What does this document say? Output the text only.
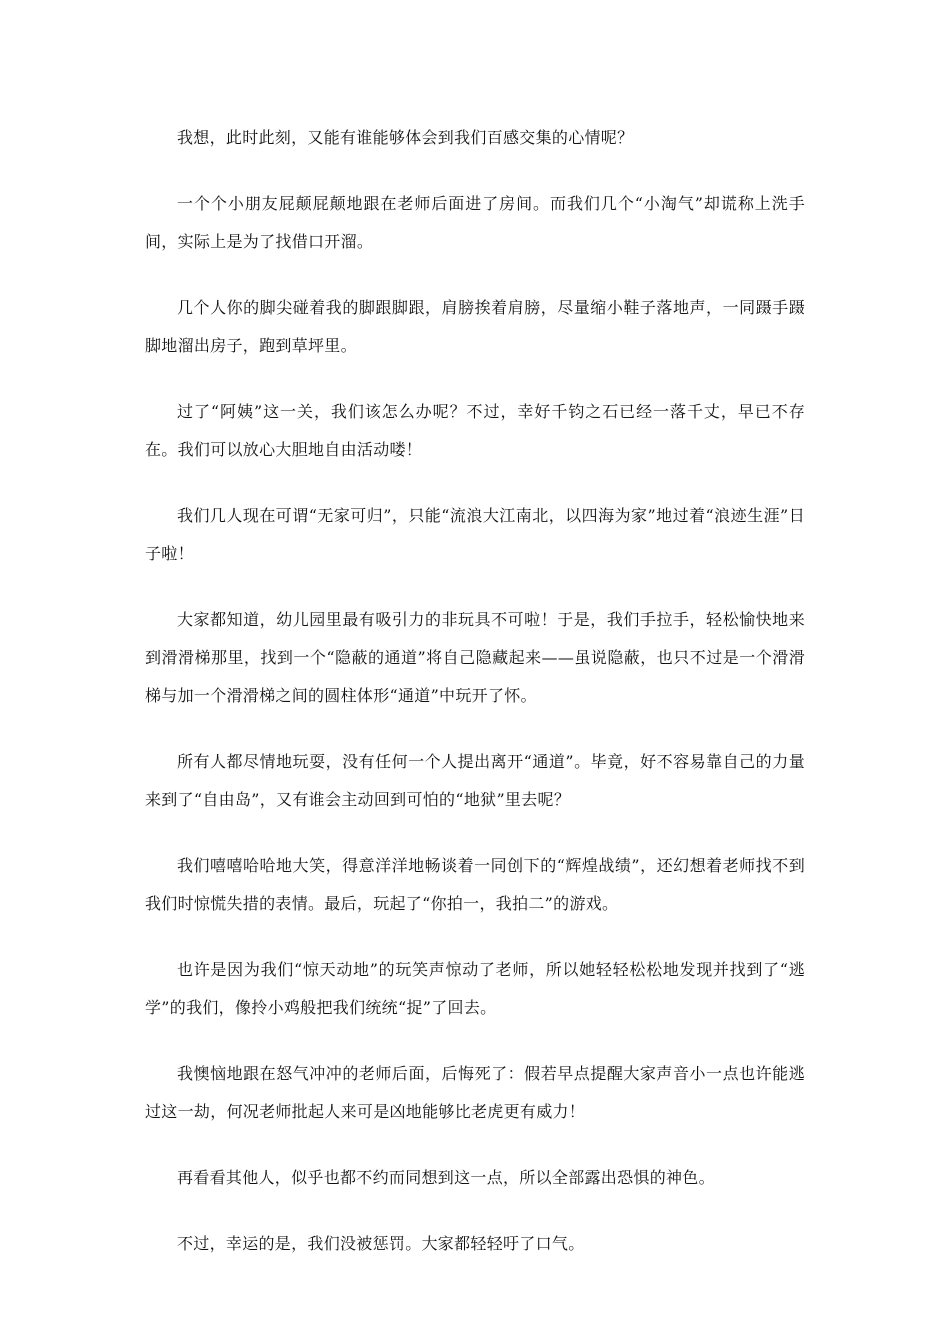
我想，此时此刻，又能有谁能够体会到我们百感交集的心情呢？

一个个小朋友屁颠屁颠地跟在老师后面进了房间。而我们几个“小淘气”却谎称上洗手间，实际上是为了找借口开溜。

几个人你的脚尖碰着我的脚跟脚跟，肩膀挨着肩膀，尽量缩小鞋子落地声，一同蹑手蹑脚地溜出房子，跑到草坪里。

过了“阿姨”这一关，我们该怎么办呢？不过，幸好千钧之石已经一落千丈，早已不存在。我们可以放心大胆地自由活动喽！

我们几人现在可谓“无家可归”，只能“流浪大江南北，以四海为家”地过着“浪迹生涯”日子啦！

大家都知道，幼儿园里最有吸引力的非玩具不可啦！于是，我们手拉手，轻松愉快地来到滑滑梯那里，找到一个“隐蔽的通道”将自己隐藏起来——虽说隐蔽，也只不过是一个滑滑梯与加一个滑滑梯之间的圆柱体形“通道”中玩开了怀。

所有人都尽情地玩耍，没有任何一个人提出离开“通道”。毕竟，好不容易靠自己的力量来到了“自由岛”，又有谁会主动回到可怕的“地狱”里去呢？

我们嘻嘻哈哈地大笑，得意洋洋地畅谈着一同创下的“辉煌战绩”，还幻想着老师找不到我们时惊慌失措的表情。最后，玩起了“你拍一，我拍二”的游戏。

也许是因为我们“惊天动地”的玩笑声惊动了老师，所以她轻轻松松地发现并找到了“逃学”的我们，像拎小鸡般把我们统统“捉”了回去。

我懊恼地跟在怒气冲冲的老师后面，后悔死了：假若早点提醒大家声音小一点也许能逃过这一劫，何况老师批起人来可是凶地能够比老虎更有威力！

再看看其他人，似乎也都不约而同想到这一点，所以全部露出恐惧的神色。

不过，幸运的是，我们没被惩罚。大家都轻轻吁了口气。
